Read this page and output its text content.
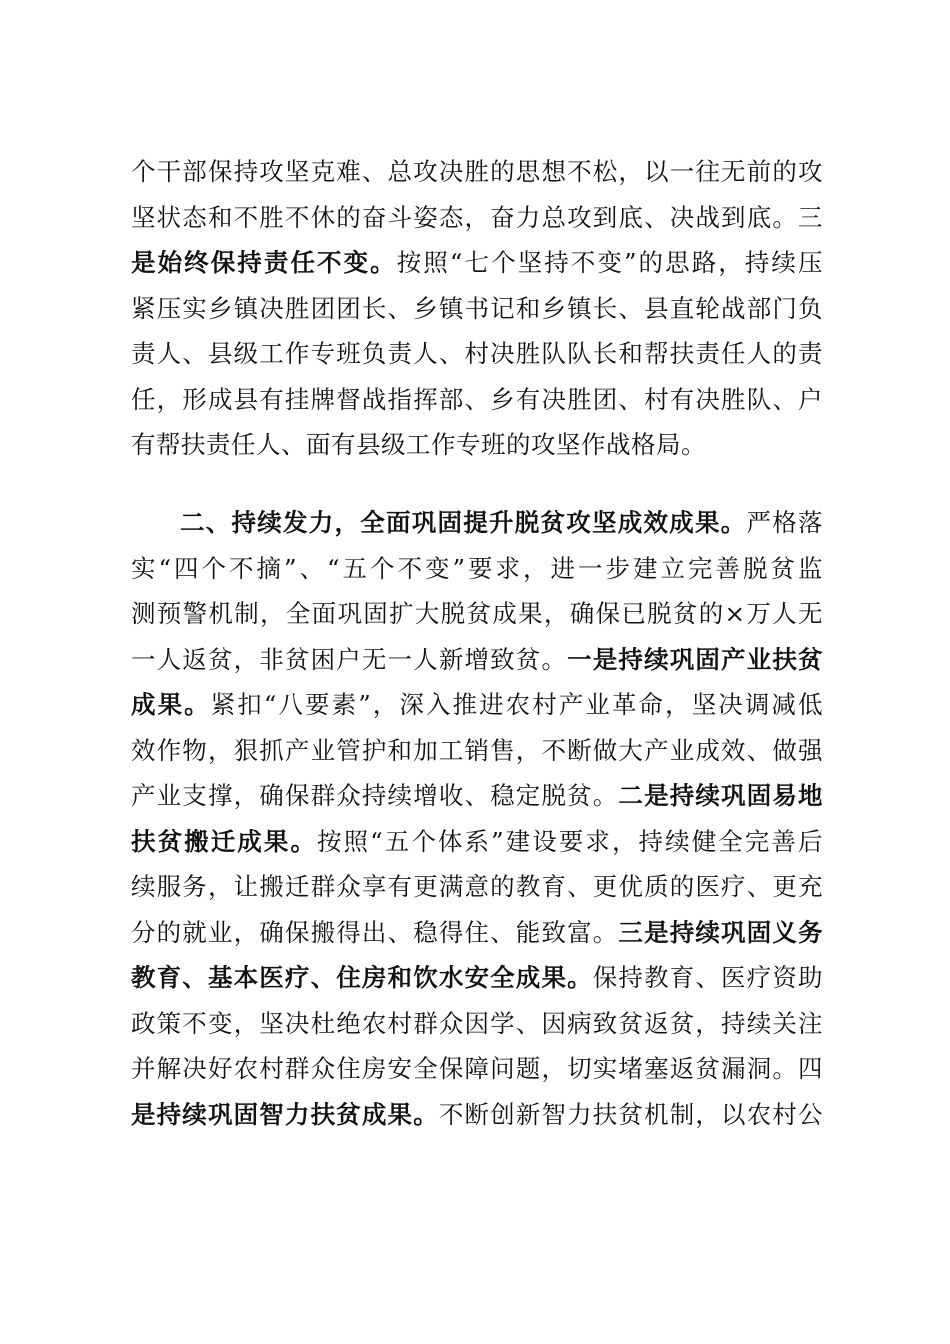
个干部保持攻坚克难、总攻决胜的思想不松，以一往无前的攻
坚状态和不胜不休的奋斗姿态，奋力总攻到底、决战到底。三
是始终保持责任不变。按照“七个坚持不变”的思路，持续压
紧压实乡镇决胜团团长、乡镇书记和乡镇长、县直轮战部门负
责人、县级工作专班负责人、村决胜队队长和帮扶责任人的责
任，形成县有挂牌督战指挥部、乡有决胜团、村有决胜队、户
有帮扶责任人、面有县级工作专班的攻坚作战格局。
二、持续发力，全面巩固提升脱贫攻坚成效成果。严格落
实“四个不摘”、“五个不变”要求，进一步建立完善脱贫监
测预警机制，全面巩固扩大脱贫成果，确保已脱贫的×万人无
一人返贫，非贫困户无一人新增致贫。一是持续巩固产业扶贫
成果。紧扣“八要素”，深入推进农村产业革命，坚决调减低
效作物，狠抓产业管护和加工销售，不断做大产业成效、做强
产业支撑，确保群众持续增收、稳定脱贫。二是持续巩固易地
扶贫搬迁成果。按照“五个体系”建设要求，持续健全完善后
续服务，让搬迁群众享有更满意的教育、更优质的医疗、更充
分的就业，确保搬得出、稳得住、能致富。三是持续巩固义务
教育、基本医疗、住房和饮水安全成果。保持教育、医疗资助
政策不变，坚决杜绝农村群众因学、因病致贫返贫，持续关注
并解决好农村群众住房安全保障问题，切实堵塞返贫漏洞。四
是持续巩固智力扶贫成果。不断创新智力扶贫机制，以农村公
